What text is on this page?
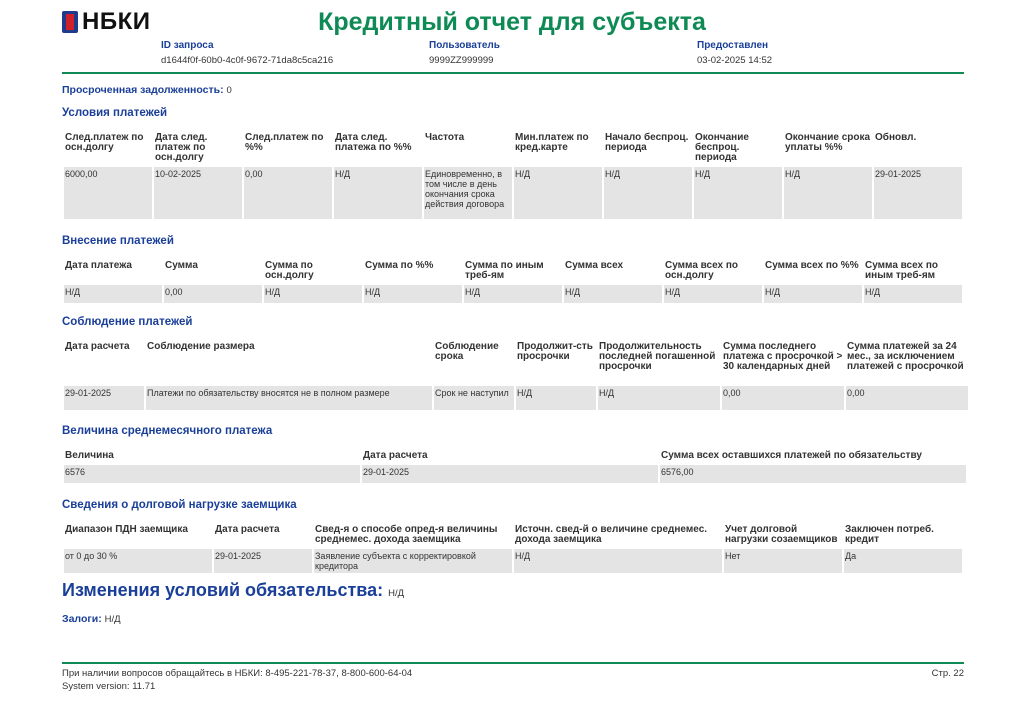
НБКИ	Кредитный отчет для субъекта
ID запроса
d1644f0f-60b0-4c0f-9672-71da8c5ca216
Пользователь
9999ZZ999999
Предоставлен
03-02-2025 14:52
Просроченная задолженность: 0
Условия платежей
След.платеж по осн.долгу	Дата след. платеж по осн.долгу	След.платеж по %%	Дата след. платежа по %%	Частота	Мин.платеж по кред.карте	Начало беспроц. периода	Окончание беспроц. периода	Окончание срока уплаты %%	Обновл.
6000,00	10-02-2025	0,00	Н/Д	Единовременно, в том числе в день окончания срока действия договора	Н/Д	Н/Д	Н/Д	Н/Д	29-01-2025
Внесение платежей
Дата платежа	Сумма	Сумма по осн.долгу	Сумма по %%	Сумма по иным треб-ям	Сумма всех	Сумма всех по осн.долгу	Сумма всех по %%	Сумма всех по иным треб-ям
Н/Д	0,00	Н/Д	Н/Д	Н/Д	Н/Д	Н/Д	Н/Д	Н/Д
Соблюдение платежей
Дата расчета	Соблюдение размера	Соблюдение срока	Продолжит-сть просрочки	Продолжительность последней погашенной просрочки	Сумма последнего платежа с просрочкой > 30 календарных дней	Сумма платежей за 24 мес., за исключением платежей с просрочкой
29-01-2025	Платежи по обязательству вносятся не в полном размере	Срок не наступил	Н/Д	Н/Д	0,00	0,00
Величина среднемесячного платежа
Величина	Дата расчета	Сумма всех оставшихся платежей по обязательству
6576	29-01-2025	6576,00
Сведения о долговой нагрузке заемщика
Диапазон ПДН заемщика	Дата расчета	Свед-я о способе опред-я величины среднемес. дохода заемщика	Источн. свед-й о величине среднемес. дохода заемщика	Учет долговой нагрузки созаемщиков	Заключен потреб. кредит
от 0 до 30 %	29-01-2025	Заявление субъекта с корректировкой кредитора	Н/Д	Нет	Да
Изменения условий обязательства: Н/Д
Залоги: Н/Д
При наличии вопросов обращайтесь в НБКИ: 8-495-221-78-37, 8-800-600-64-04
System version: 11.71
Стр. 22
